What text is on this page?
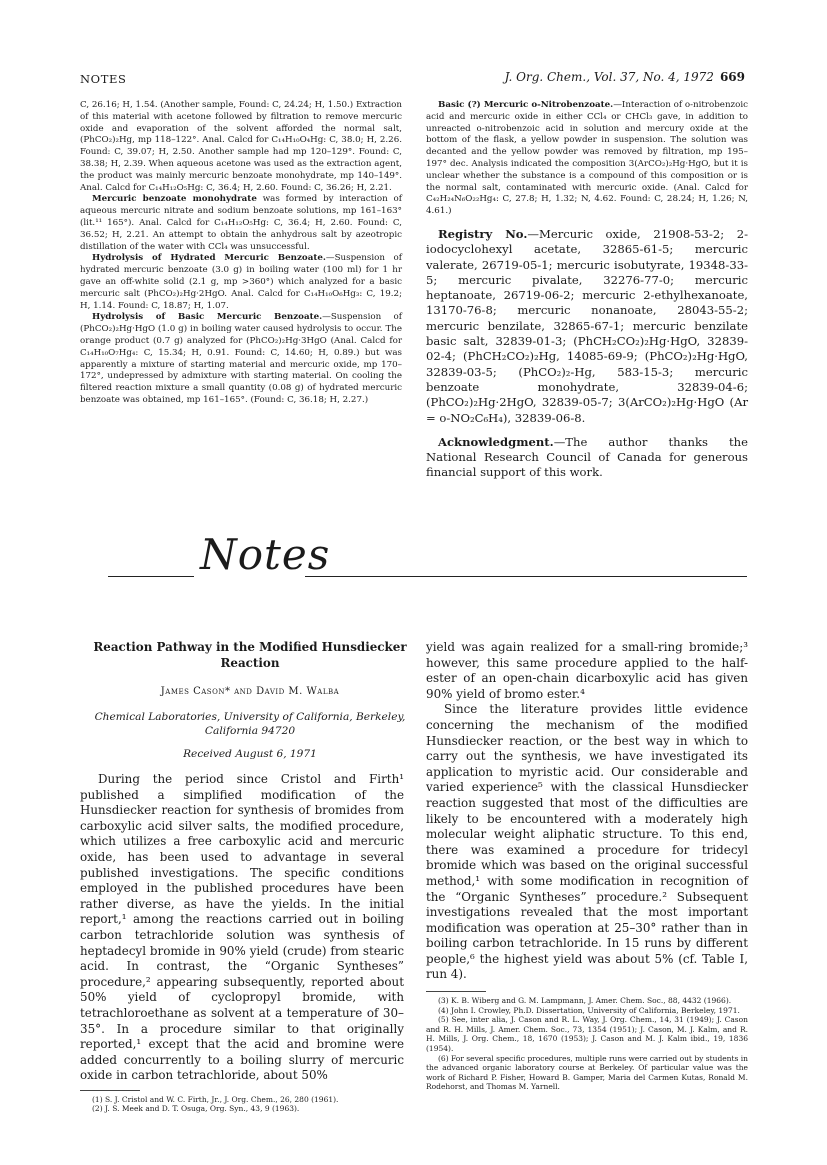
NOTES	J. Org. Chem., Vol. 37, No. 4, 1972 669

C, 26.16; H, 1.54. (Another sample, Found: C, 24.24; H, 1.50.) Extraction of this material with acetone followed by filtration to remove mercuric oxide and evaporation of the solvent afforded the normal salt, (PhCO₂)₂Hg, mp 118–122°. Anal. Calcd for C₁₄H₁₀O₄Hg: C, 38.0; H, 2.26. Found: C, 39.07; H, 2.50. Another sample had mp 120–129°. Found: C, 38.38; H, 2.39. When aqueous acetone was used as the extraction agent, the product was mainly mercuric benzoate monohydrate, mp 140–149°. Anal. Calcd for C₁₄H₁₂O₅Hg: C, 36.4; H, 2.60. Found: C, 36.26; H, 2.21.

Mercuric benzoate monohydrate was formed by interaction of aqueous mercuric nitrate and sodium benzoate solutions, mp 161–163° (lit.¹¹ 165°). Anal. Calcd for C₁₄H₁₂O₅Hg: C, 36.4; H, 2.60. Found: C, 36.52; H, 2.21. An attempt to obtain the anhydrous salt by azeotropic distillation of the water with CCl₄ was unsuccessful.

Hydrolysis of Hydrated Mercuric Benzoate.—Suspension of hydrated mercuric benzoate (3.0 g) in boiling water (100 ml) for 1 hr gave an off-white solid (2.1 g, mp >360°) which analyzed for a basic mercuric salt (PhCO₂)₂Hg·2HgO. Anal. Calcd for C₁₄H₁₀O₆Hg₃: C, 19.2; H, 1.14. Found: C, 18.87; H, 1.07.

Hydrolysis of Basic Mercuric Benzoate.—Suspension of (PhCO₂)₂Hg·HgO (1.0 g) in boiling water caused hydrolysis to occur. The orange product (0.7 g) analyzed for (PhCO₂)₂Hg·3HgO (Anal. Calcd for C₁₄H₁₀O₇Hg₄: C, 15.34; H, 0.91. Found: C, 14.60; H, 0.89.) but was apparently a mixture of starting material and mercuric oxide, mp 170–172°, undepressed by admixture with starting material. On cooling the filtered reaction mixture a small quantity (0.08 g) of hydrated mercuric benzoate was obtained, mp 161–165°. (Found: C, 36.18; H, 2.27.)

Basic (?) Mercuric o-Nitrobenzoate.—Interaction of o-nitrobenzoic acid and mercuric oxide in either CCl₄ or CHCl₃ gave, in addition to unreacted o-nitrobenzoic acid in solution and mercury oxide at the bottom of the flask, a yellow powder in suspension. The solution was decanted and the yellow powder was removed by filtration, mp 195–197° dec. Analysis indicated the composition 3(ArCO₂)₂Hg·HgO, but it is unclear whether the substance is a compound of this composition or is the normal salt, contaminated with mercuric oxide. (Anal. Calcd for C₄₂H₂₄N₆O₂₂Hg₄: C, 27.8; H, 1.32; N, 4.62. Found: C, 28.24; H, 1.26; N, 4.61.)

Registry No.—Mercuric oxide, 21908-53-2; 2-iodocyclohexyl acetate, 32865-61-5; mercuric valerate, 26719-05-1; mercuric isobutyrate, 19348-33-5; mercuric pivalate, 32276-77-0; mercuric heptanoate, 26719-06-2; mercuric 2-ethylhexanoate, 13170-76-8; mercuric nonanoate, 28043-55-2; mercuric benzilate, 32865-67-1; mercuric benzilate basic salt, 32839-01-3; (PhCH₂CO₂)₂Hg·HgO, 32839-02-4; (PhCH₂CO₂)₂Hg, 14085-69-9; (PhCO₂)₂Hg·HgO, 32839-03-5; (PhCO₂)₂-Hg, 583-15-3; mercuric benzoate monohydrate, 32839-04-6; (PhCO₂)₂Hg·2HgO, 32839-05-7; 3(ArCO₂)₂Hg·HgO (Ar = o-NO₂C₆H₄), 32839-06-8.

Acknowledgment.—The author thanks the National Research Council of Canada for generous financial support of this work.

Notes
Reaction Pathway in the Modified Hunsdiecker Reaction
James Cason* and David M. Walba
Chemical Laboratories, University of California, Berkeley, California 94720
Received August 6, 1971

During the period since Cristol and Firth¹ published a simplified modification of the Hunsdiecker reaction for synthesis of bromides from carboxylic acid silver salts, the modified procedure, which utilizes a free carboxylic acid and mercuric oxide, has been used to advantage in several published investigations. The specific conditions employed in the published procedures have been rather diverse, as have the yields. In the initial report,¹ among the reactions carried out in boiling carbon tetrachloride solution was synthesis of heptadecyl bromide in 90% yield (crude) from stearic acid. In contrast, the “Organic Syntheses” procedure,² appearing subsequently, reported about 50% yield of cyclopropyl bromide, with tetrachloroethane as solvent at a temperature of 30–35°. In a procedure similar to that originally reported,¹ except that the acid and bromine were added concurrently to a boiling slurry of mercuric oxide in carbon tetrachloride, about 50%

(1) S. J. Cristol and W. C. Firth, Jr., J. Org. Chem., 26, 280 (1961).

(2) J. S. Meek and D. T. Osuga, Org. Syn., 43, 9 (1963).

yield was again realized for a small-ring bromide;³ however, this same procedure applied to the half-ester of an open-chain dicarboxylic acid has given 90% yield of bromo ester.⁴

Since the literature provides little evidence concerning the mechanism of the modified Hunsdiecker reaction, or the best way in which to carry out the synthesis, we have investigated its application to myristic acid. Our considerable and varied experience⁵ with the classical Hunsdiecker reaction suggested that most of the difficulties are likely to be encountered with a moderately high molecular weight aliphatic structure. To this end, there was examined a procedure for tridecyl bromide which was based on the original successful method,¹ with some modification in recognition of the “Organic Syntheses” procedure.² Subsequent investigations revealed that the most important modification was operation at 25–30° rather than in boiling carbon tetrachloride. In 15 runs by different people,⁶ the highest yield was about 5% (cf. Table I, run 4).

(3) K. B. Wiberg and G. M. Lampmann, J. Amer. Chem. Soc., 88, 4432 (1966).

(4) John I. Crowley, Ph.D. Dissertation, University of California, Berkeley, 1971.

(5) See, inter alia, J. Cason and R. L. Way, J. Org. Chem., 14, 31 (1949); J. Cason and R. H. Mills, J. Amer. Chem. Soc., 73, 1354 (1951); J. Cason, M. J. Kalm, and R. H. Mills, J. Org. Chem., 18, 1670 (1953); J. Cason and M. J. Kalm ibid., 19, 1836 (1954).

(6) For several specific procedures, multiple runs were carried out by students in the advanced organic laboratory course at Berkeley. Of particular value was the work of Richard P. Fisher, Howard B. Gamper, Maria del Carmen Kutas, Ronald M. Rodehorst, and Thomas M. Yarnell.
